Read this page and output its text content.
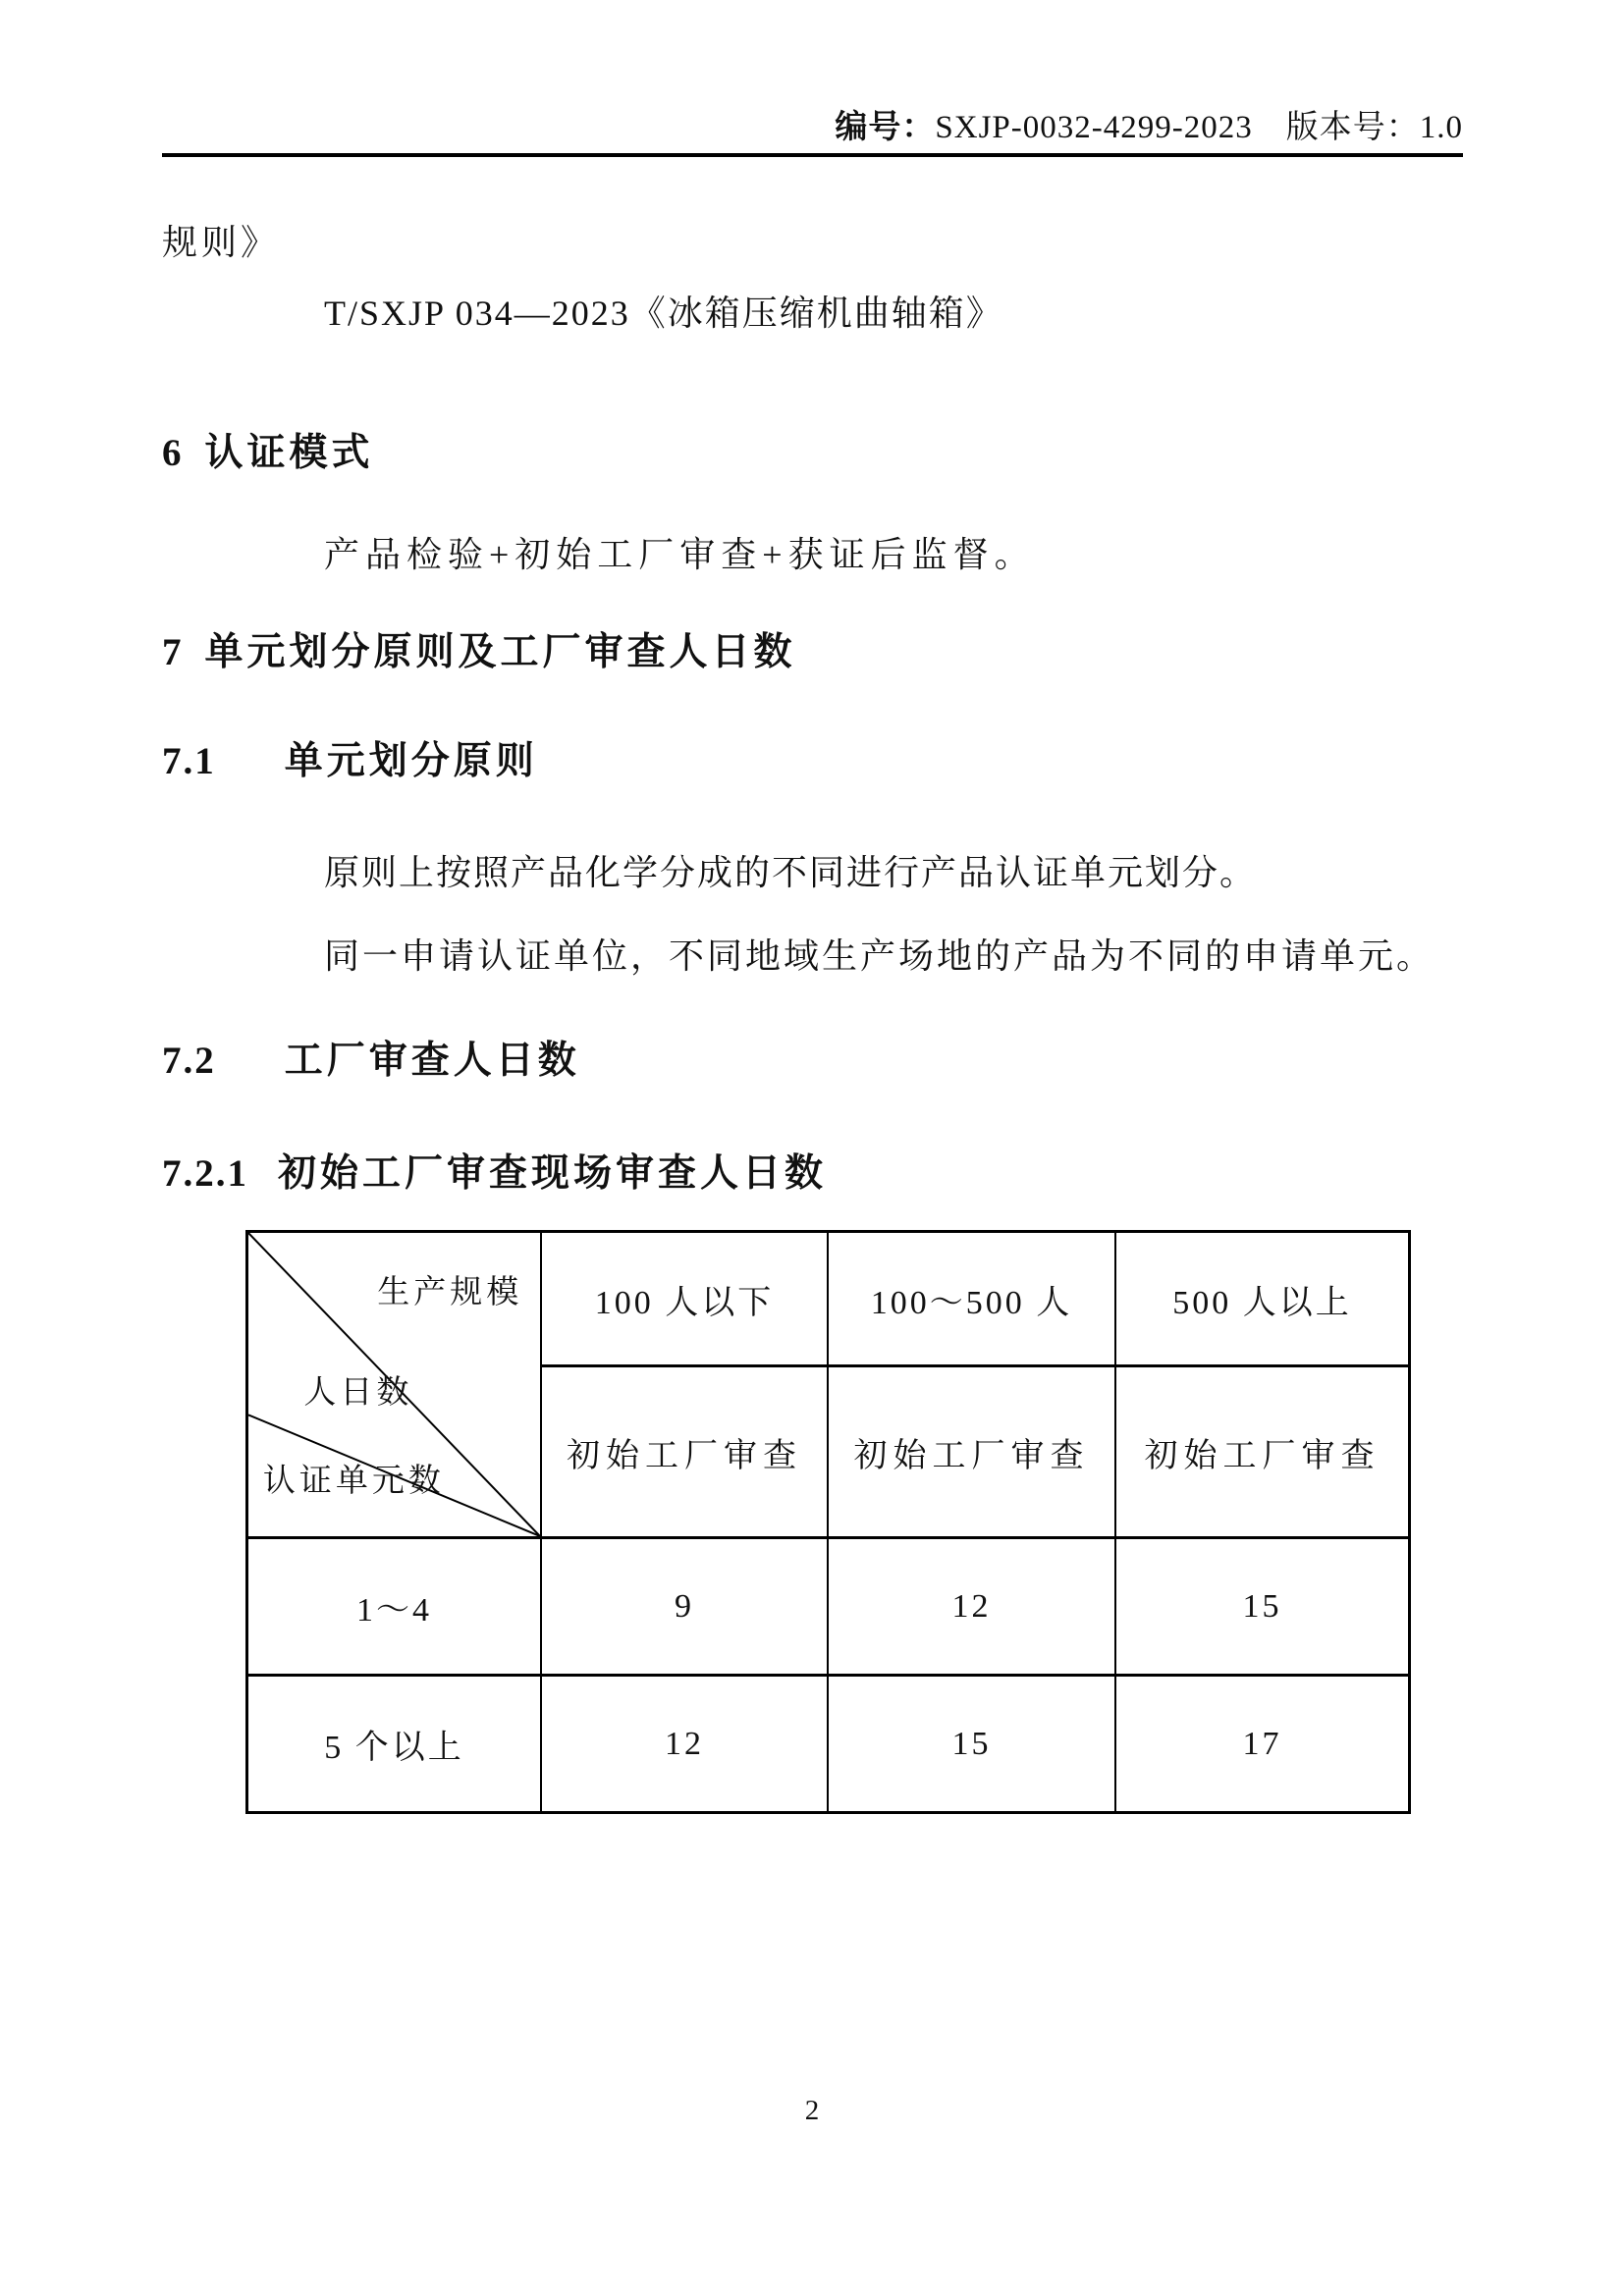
编号：SXJP-0032-4299-2023 版本号：1.0
规则》
T/SXJP 034—2023《冰箱压缩机曲轴箱》
6 认证模式
产品检验+初始工厂审查+获证后监督。
7 单元划分原则及工厂审查人日数
7.1 单元划分原则
原则上按照产品化学分成的不同进行产品认证单元划分。
同一申请认证单位，不同地域生产场地的产品为不同的申请单元。
7.2 工厂审查人日数
7.2.1 初始工厂审查现场审查人日数
生产规模
人日数
认证单元数	100 人以下	100～500 人	500 人以上
	初始工厂审查	初始工厂审查	初始工厂审查
1～4	9	12	15
5 个以上	12	15	17
2
